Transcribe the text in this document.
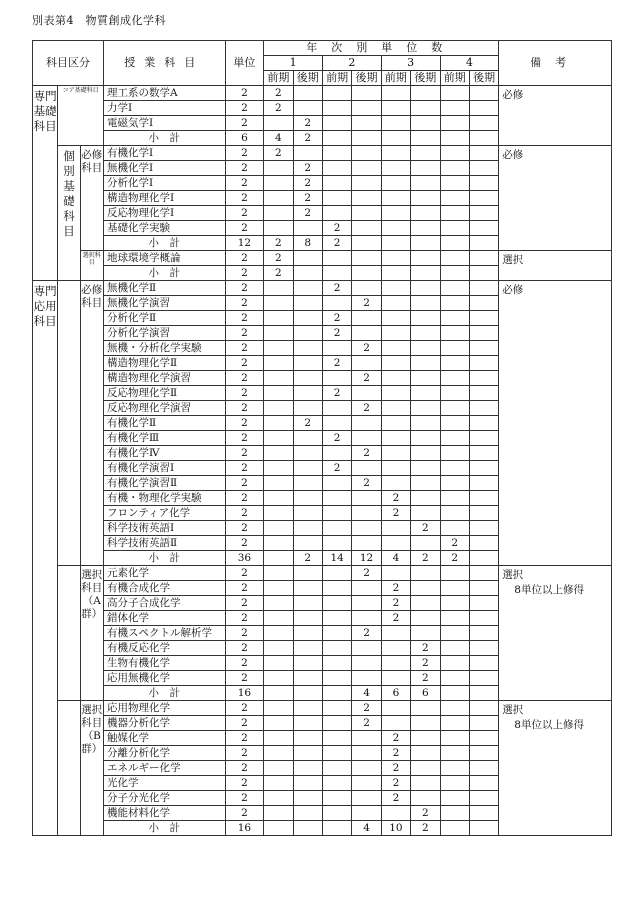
別表第4　物質創成化学科
科目区分			授業科目	単位	年次別単位数								備考
					1		2		3		4		
					前期	後期	前期	後期	前期	後期	前期	後期	
専門基礎科目	コア基礎科目		理工系の数学A	2	2								必修

			力学Ⅰ	2	2								
			電磁気学Ⅰ	2		2							
			小　計	6	4	2							
	個別基礎科目	必修科目	有機化学Ⅰ	2	2								必修

			無機化学Ⅰ	2		2							
			分析化学Ⅰ	2		2							
			構造物理化学Ⅰ	2		2							
			反応物理化学Ⅰ	2		2							
			基礎化学実験	2			2						
			小　計	12	2	8	2						
		選択科目	地球環境学概論	2	2								選択

			小　計	2	2								
専門応用科目		必修科目	無機化学Ⅱ	2			2						必修

			無機化学演習	2				2					
			分析化学Ⅱ	2			2						
			分析化学演習	2			2						
			無機・分析化学実験	2				2					
			構造物理化学Ⅱ	2			2						
			構造物理化学演習	2				2					
			反応物理化学Ⅱ	2			2						
			反応物理化学演習	2				2					
			有機化学Ⅱ	2		2							
			有機化学Ⅲ	2			2						
			有機化学Ⅳ	2				2					
			有機化学演習Ⅰ	2			2						
			有機化学演習Ⅱ	2				2					
			有機・物理化学実験	2					2				
			フロンティア化学	2					2				
			科学技術英語Ⅰ	2						2			
			科学技術英語Ⅱ	2							2		
			小　計	36		2	14	12	4	2	2		
		選択科目（A群）	元素化学	2				2					選択
8単位以上修得

			有機合成化学	2					2				
			高分子合成化学	2					2				
			錯体化学	2					2				
			有機スペクトル解析学	2				2					
			有機反応化学	2						2			
			生物有機化学	2						2			
			応用無機化学	2						2			
			小　計	16				4	6	6			
		選択科目（B群）	応用物理化学	2				2					選択
8単位以上修得

			機器分析化学	2				2					
			触媒化学	2					2				
			分離分析化学	2					2				
			エネルギー化学	2					2				
			光化学	2					2				
			分子分光化学	2					2				
			機能材料化学	2						2			
			小　計	16				4	10	2			
